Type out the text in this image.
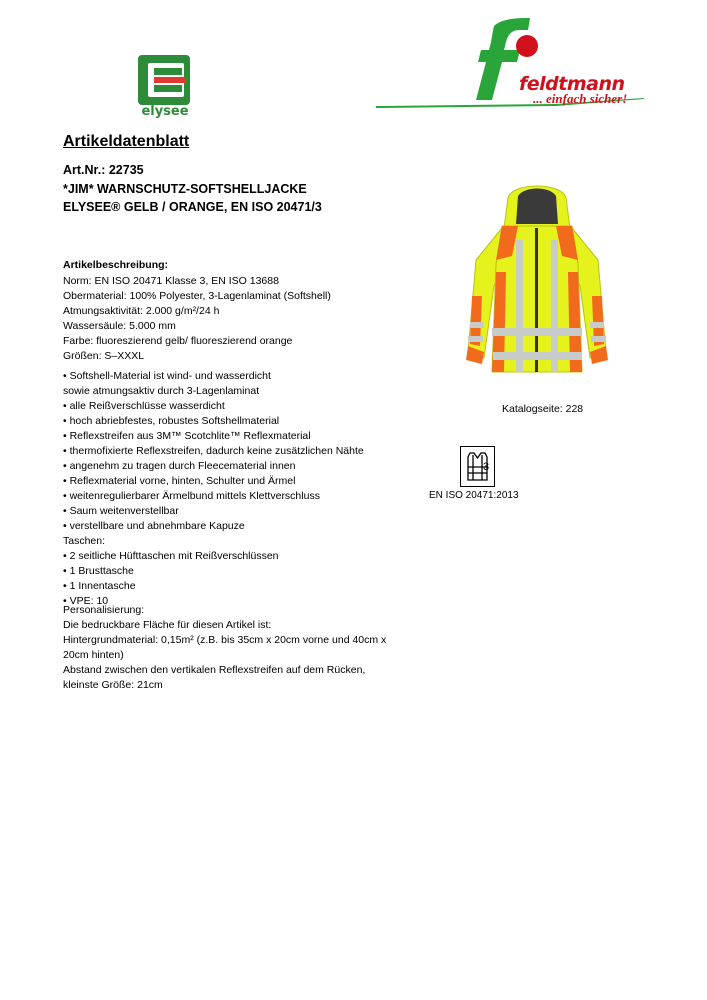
elysee
feldtmann
... einfach sicher!
Artikeldatenblatt
Art.Nr.: 22735
*JIM* WARNSCHUTZ-SOFTSHELLJACKE
ELYSEE® GELB / ORANGE, EN ISO 20471/3
Artikelbeschreibung:
Norm: EN ISO 20471 Klasse 3, EN ISO 13688
Obermaterial: 100% Polyester, 3-Lagenlaminat (Softshell)
Atmungsaktivität: 2.000 g/m²/24 h
Wassersäule: 5.000 mm
Farbe: fluoreszierend gelb/ fluoreszierend orange
Größen: S–XXXL
• Softshell-Material ist wind- und wasserdicht
sowie atmungsaktiv durch 3-Lagenlaminat
• alle Reißverschlüsse wasserdicht
• hoch abriebfestes, robustes Softshellmaterial
• Reflexstreifen aus 3M™ Scotchlite™ Reflexmaterial
• thermofixierte Reflexstreifen, dadurch keine zusätzlichen Nähte
• angenehm zu tragen durch Fleecematerial innen
• Reflexmaterial vorne, hinten, Schulter und Ärmel
• weitenregulierbarer Ärmelbund mittels Klettverschluss
• Saum weitenverstellbar
• verstellbare und abnehmbare Kapuze
Taschen:
• 2 seitliche Hüfttaschen mit Reißverschlüssen
• 1 Brusttasche
• 1 Innentasche
• VPE: 10
Personalisierung:
Die bedruckbare Fläche für diesen Artikel ist:
Hintergrundmaterial: 0,15m² (z.B. bis 35cm x 20cm vorne und 40cm x
20cm hinten)
Abstand zwischen den vertikalen Reflexstreifen auf dem Rücken,
kleinste Größe: 21cm
Katalogseite: 228
3
EN ISO 20471:2013
